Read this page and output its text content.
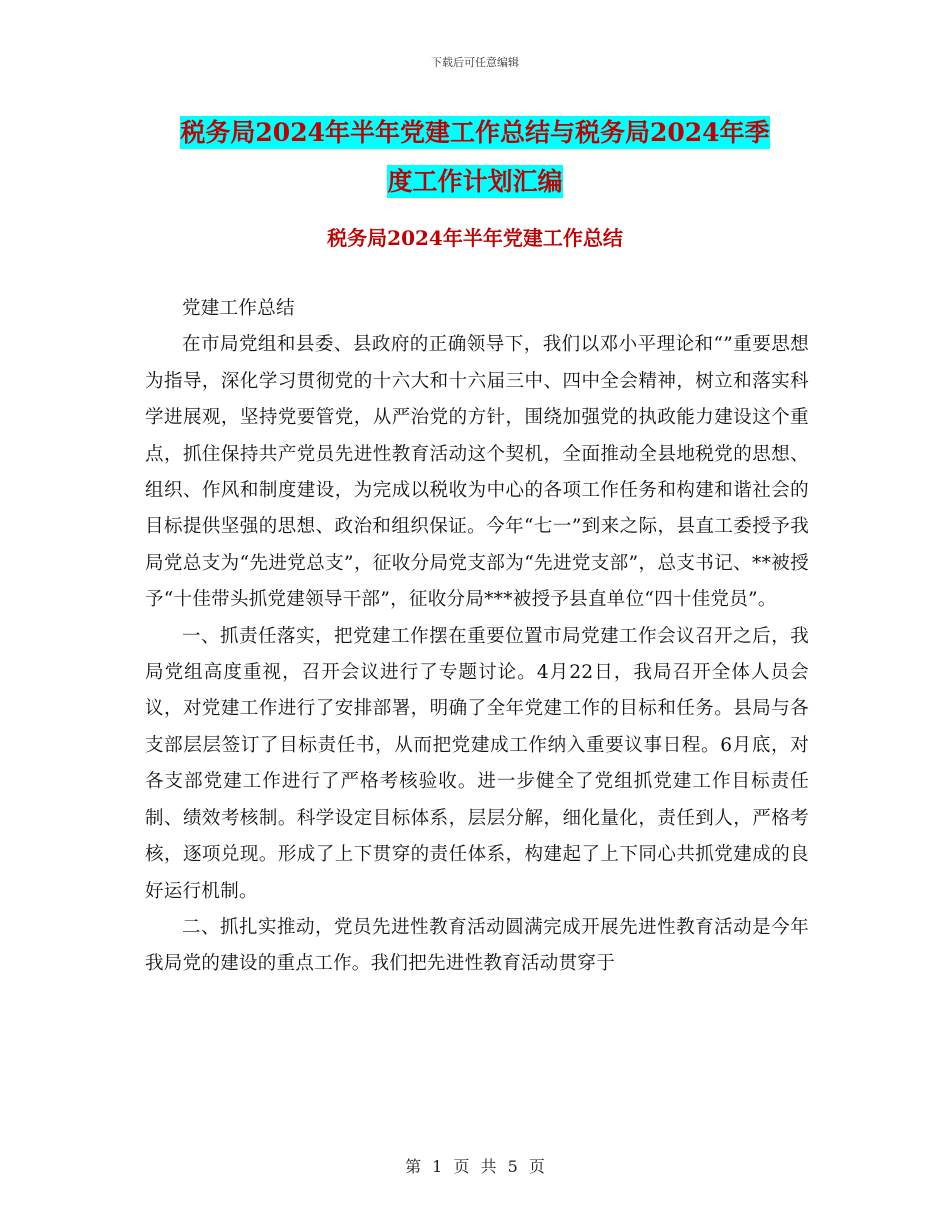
下载后可任意编辑
税务局2024年半年党建工作总结与税务局2024年季
度工作计划汇编
税务局2024年半年党建工作总结

党建工作总结

在市局党组和县委、县政府的正确领导下，我们以邓小平理论和“”重要思想为指导，深化学习贯彻党的十六大和十六届三中、四中全会精神，树立和落实科学进展观，坚持党要管党，从严治党的方针，围绕加强党的执政能力建设这个重点，抓住保持共产党员先进性教育活动这个契机，全面推动全县地税党的思想、组织、作风和制度建设，为完成以税收为中心的各项工作任务和构建和谐社会的目标提供坚强的思想、政治和组织保证。今年“七一”到来之际，县直工委授予我局党总支为“先进党总支”，征收分局党支部为“先进党支部”，总支书记、**被授予“十佳带头抓党建领导干部”，征收分局***被授予县直单位“四十佳党员”。

一、抓责任落实，把党建工作摆在重要位置市局党建工作会议召开之后，我局党组高度重视，召开会议进行了专题讨论。4月22日，我局召开全体人员会议，对党建工作进行了安排部署，明确了全年党建工作的目标和任务。县局与各支部层层签订了目标责任书，从而把党建成工作纳入重要议事日程。6月底，对各支部党建工作进行了严格考核验收。进一步健全了党组抓党建工作目标责任制、绩效考核制。科学设定目标体系，层层分解，细化量化，责任到人，严格考核，逐项兑现。形成了上下贯穿的责任体系，构建起了上下同心共抓党建成的良好运行机制。

二、抓扎实推动，党员先进性教育活动圆满完成开展先进性教育活动是今年我局党的建设的重点工作。我们把先进性教育活动贯穿于

第 1 页 共 5 页
